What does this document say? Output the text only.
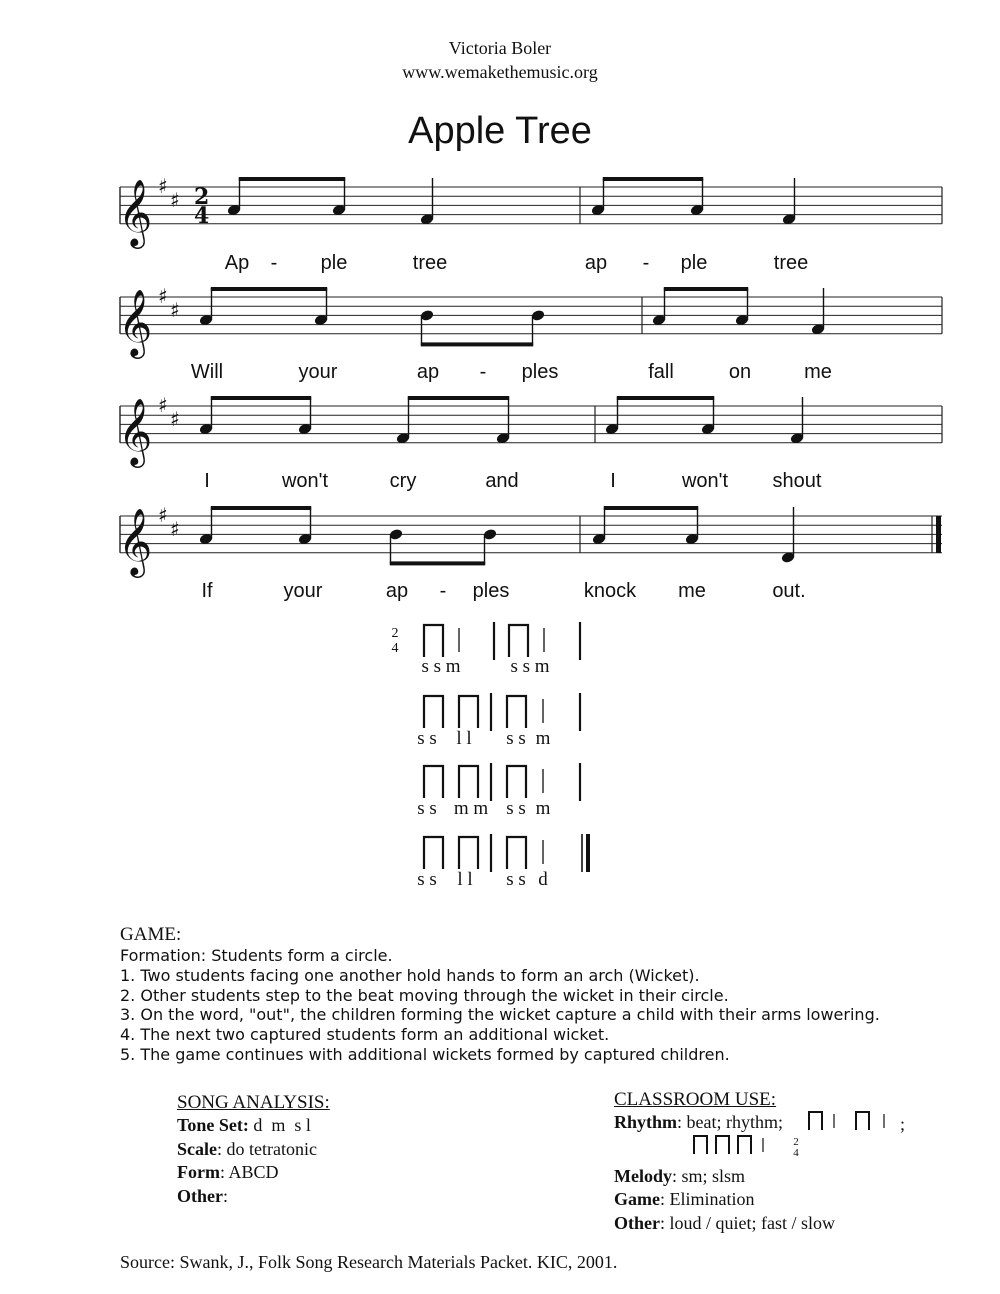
Victoria Boler
www.wemakethemusic.org
Apple Tree
𝄞 ♯
♯ 2
4
Ap - ple	tree	ap - ple	tree
𝄞 ♯
♯
Will	your	ap - ples	fall	on	me
𝄞 ♯
♯
I	won't	cry	and	I	won't shout
𝄞 ♯
♯
If	your	ap - ples	knock me	out.
2
4
s s m	s s m
s s l l s s m
s s m m s s m
s s l l s s d
GAME:
Formation: Students form a circle.
1. Two students facing one another hold hands to form an arch (Wicket).
2. Other students step to the beat moving through the wicket in their circle.
3. On the word, "out", the children forming the wicket capture a child with their arms lowering.
4. The next two captured students form an additional wicket.
5. The game continues with additional wickets formed by captured children.
SONG ANALYSIS:
Tone Set: d  m  s l
Scale: do tetratonic
Form: ABCD
Other:
CLASSROOM USE:
Rhythm: beat; rhythm;
Melody: sm; slsm
Game: Elimination
Other: loud / quiet; fast / slow
;
2
4
Source: Swank, J., Folk Song Research Materials Packet. KIC, 2001.
